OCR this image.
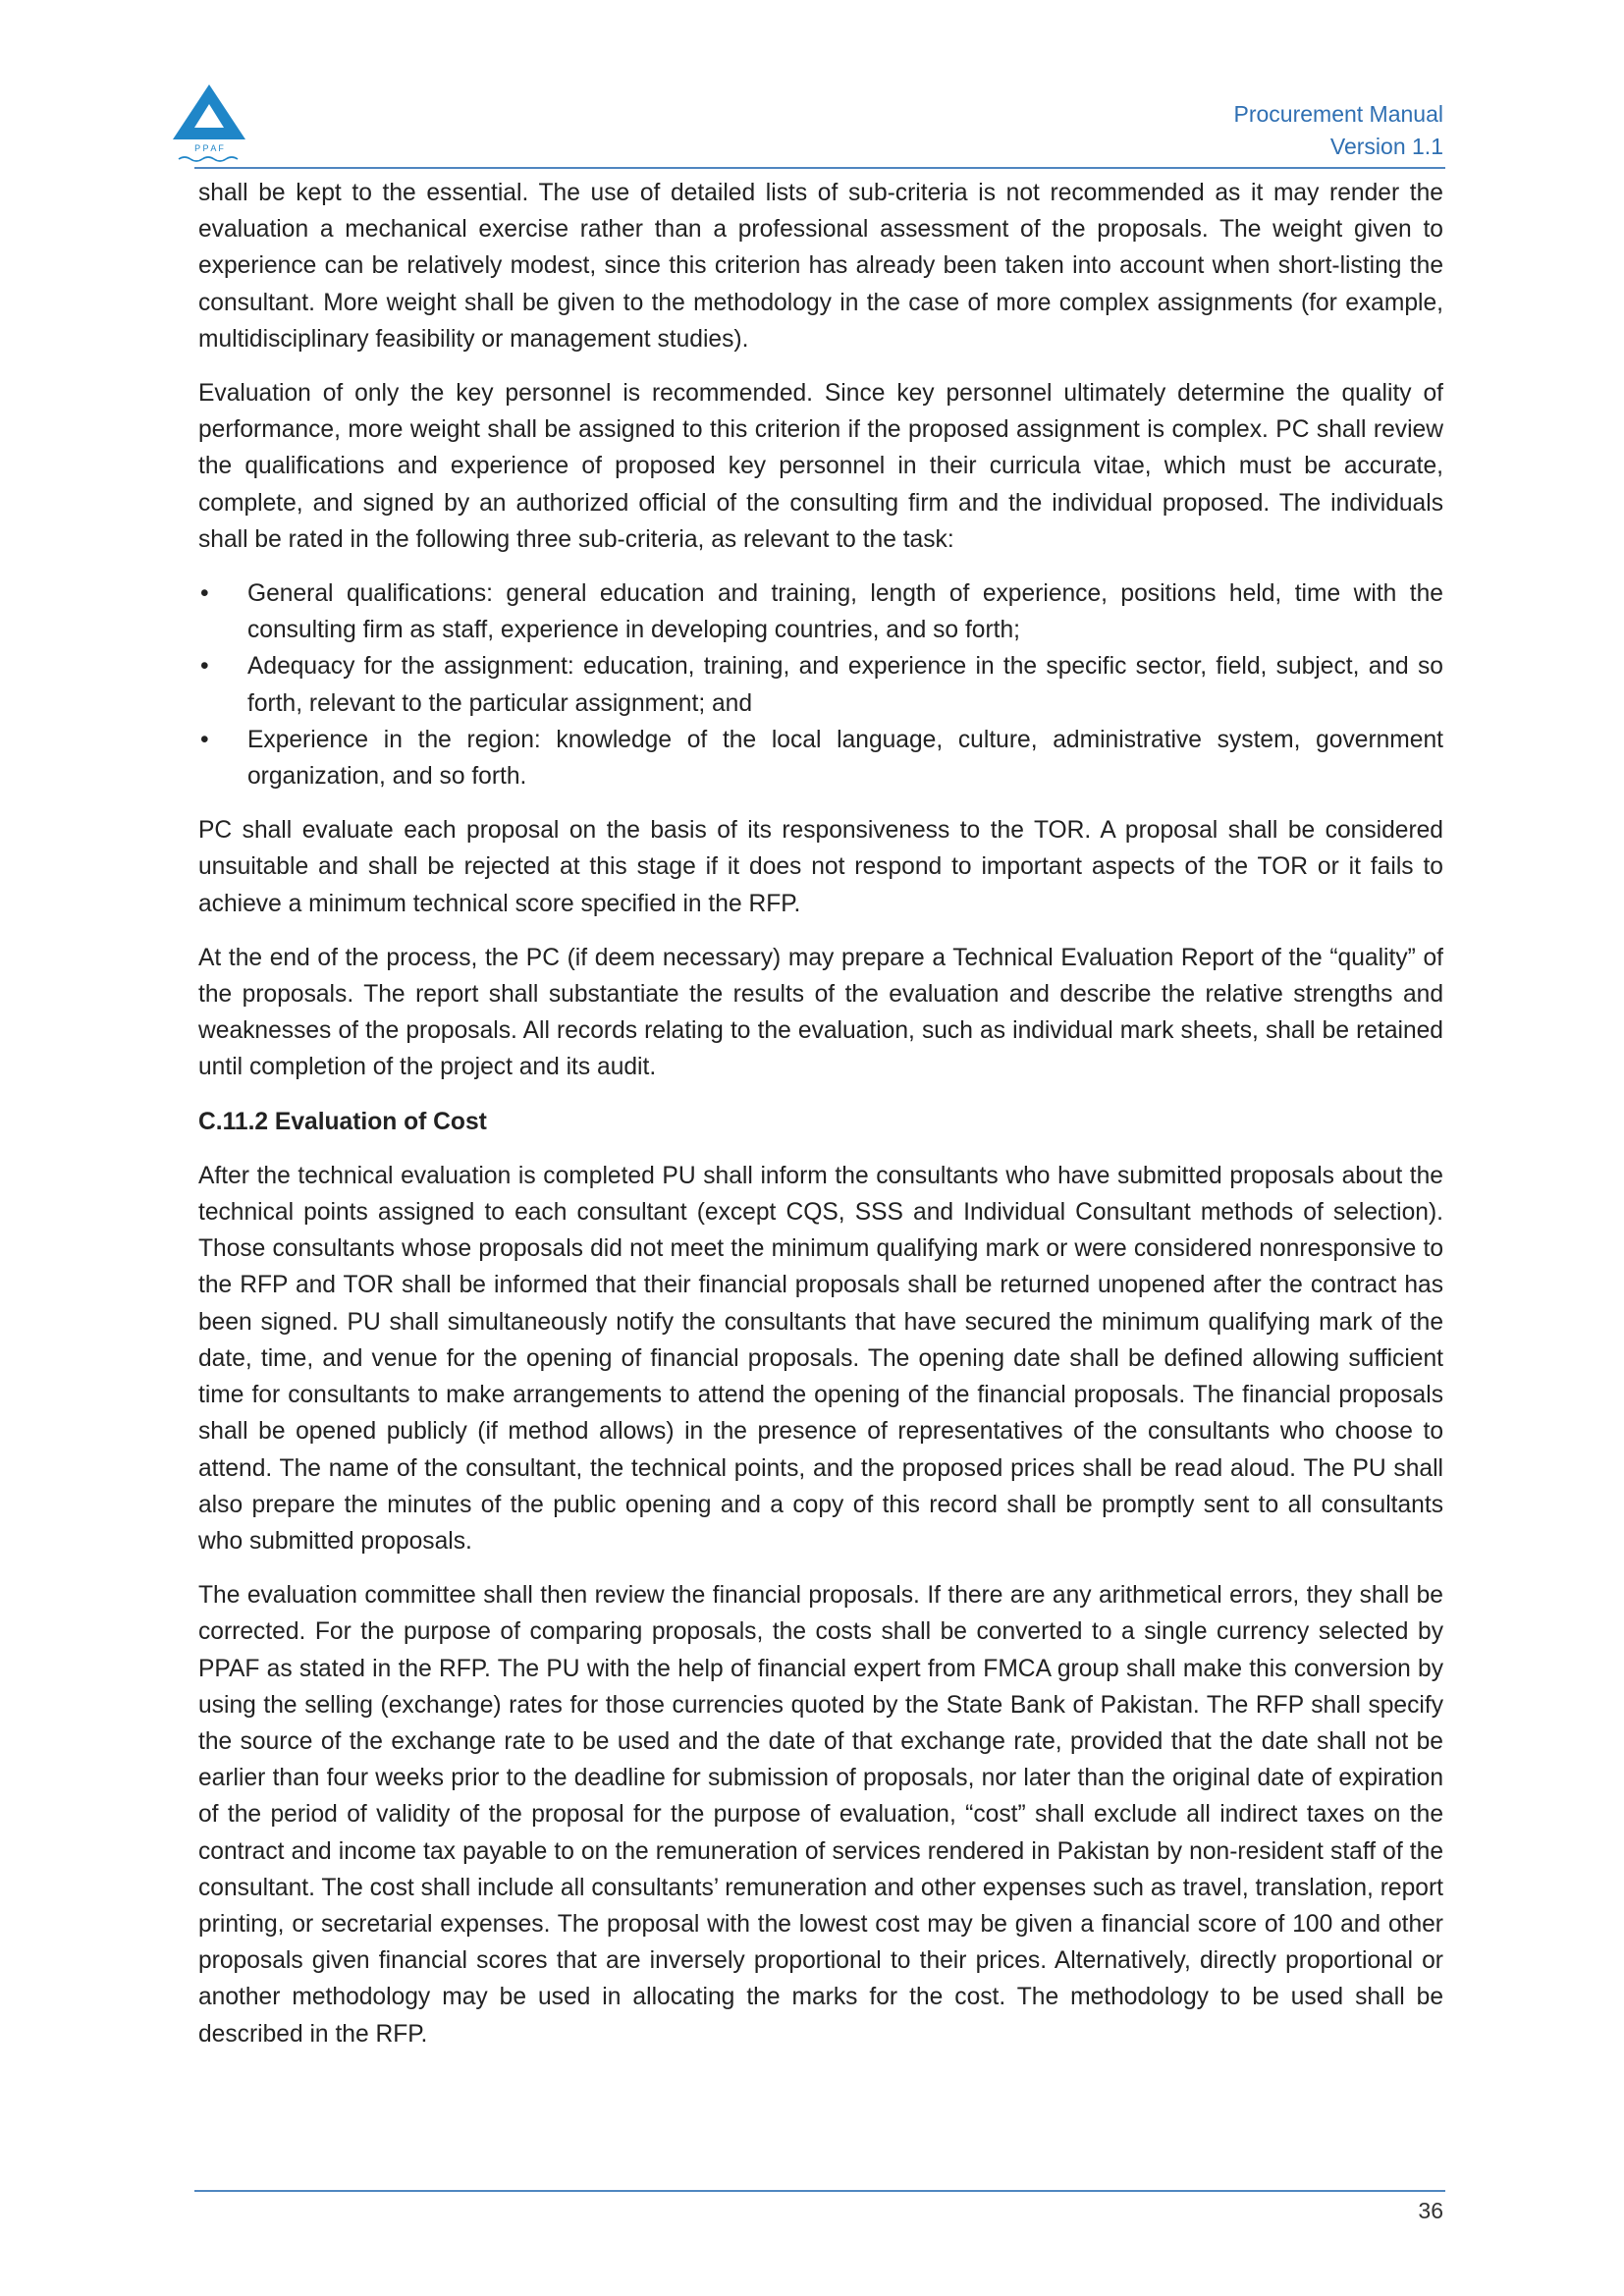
P P A F
Procurement Manual
Version 1.1

shall be kept to the essential. The use of detailed lists of sub-criteria is not recommended as it may render the evaluation a mechanical exercise rather than a professional assessment of the proposals. The weight given to experience can be relatively modest, since this criterion has already been taken into account when short-listing the consultant. More weight shall be given to the methodology in the case of more complex assignments (for example, multidisciplinary feasibility or management studies).

Evaluation of only the key personnel is recommended. Since key personnel ultimately determine the quality of performance, more weight shall be assigned to this criterion if the proposed assignment is complex. PC shall review the qualifications and experience of proposed key personnel in their curricula vitae, which must be accurate, complete, and signed by an authorized official of the consulting firm and the individual proposed. The individuals shall be rated in the following three sub-criteria, as relevant to the task:

• General qualifications: general education and training, length of experience, positions held, time with the consulting firm as staff, experience in developing countries, and so forth;
• Adequacy for the assignment: education, training, and experience in the specific sector, field, subject, and so forth, relevant to the particular assignment; and
• Experience in the region: knowledge of the local language, culture, administrative system, government organization, and so forth.

PC shall evaluate each proposal on the basis of its responsiveness to the TOR. A proposal shall be considered unsuitable and shall be rejected at this stage if it does not respond to important aspects of the TOR or it fails to achieve a minimum technical score specified in the RFP.

At the end of the process, the PC (if deem necessary) may prepare a Technical Evaluation Report of the “quality” of the proposals. The report shall substantiate the results of the evaluation and describe the relative strengths and weaknesses of the proposals. All records relating to the evaluation, such as individual mark sheets, shall be retained until completion of the project and its audit.

C.11.2 Evaluation of Cost

After the technical evaluation is completed PU shall inform the consultants who have submitted proposals about the technical points assigned to each consultant (except CQS, SSS and Individual Consultant methods of selection). Those consultants whose proposals did not meet the minimum qualifying mark or were considered nonresponsive to the RFP and TOR shall be informed that their financial proposals shall be returned unopened after the contract has been signed. PU shall simultaneously notify the consultants that have secured the minimum qualifying mark of the date, time, and venue for the opening of financial proposals. The opening date shall be defined allowing sufficient time for consultants to make arrangements to attend the opening of the financial proposals. The financial proposals shall be opened publicly (if method allows) in the presence of representatives of the consultants who choose to attend. The name of the consultant, the technical points, and the proposed prices shall be read aloud. The PU shall also prepare the minutes of the public opening and a copy of this record shall be promptly sent to all consultants who submitted proposals.

The evaluation committee shall then review the financial proposals. If there are any arithmetical errors, they shall be corrected. For the purpose of comparing proposals, the costs shall be converted to a single currency selected by PPAF as stated in the RFP. The PU with the help of financial expert from FMCA group shall make this conversion by using the selling (exchange) rates for those currencies quoted by the State Bank of Pakistan. The RFP shall specify the source of the exchange rate to be used and the date of that exchange rate, provided that the date shall not be earlier than four weeks prior to the deadline for submission of proposals, nor later than the original date of expiration of the period of validity of the proposal for the purpose of evaluation, “cost” shall exclude all indirect taxes on the contract and income tax payable to on the remuneration of services rendered in Pakistan by non-resident staff of the consultant. The cost shall include all consultants’ remuneration and other expenses such as travel, translation, report printing, or secretarial expenses. The proposal with the lowest cost may be given a financial score of 100 and other proposals given financial scores that are inversely proportional to their prices. Alternatively, directly proportional or another methodology may be used in allocating the marks for the cost. The methodology to be used shall be described in the RFP.

36
